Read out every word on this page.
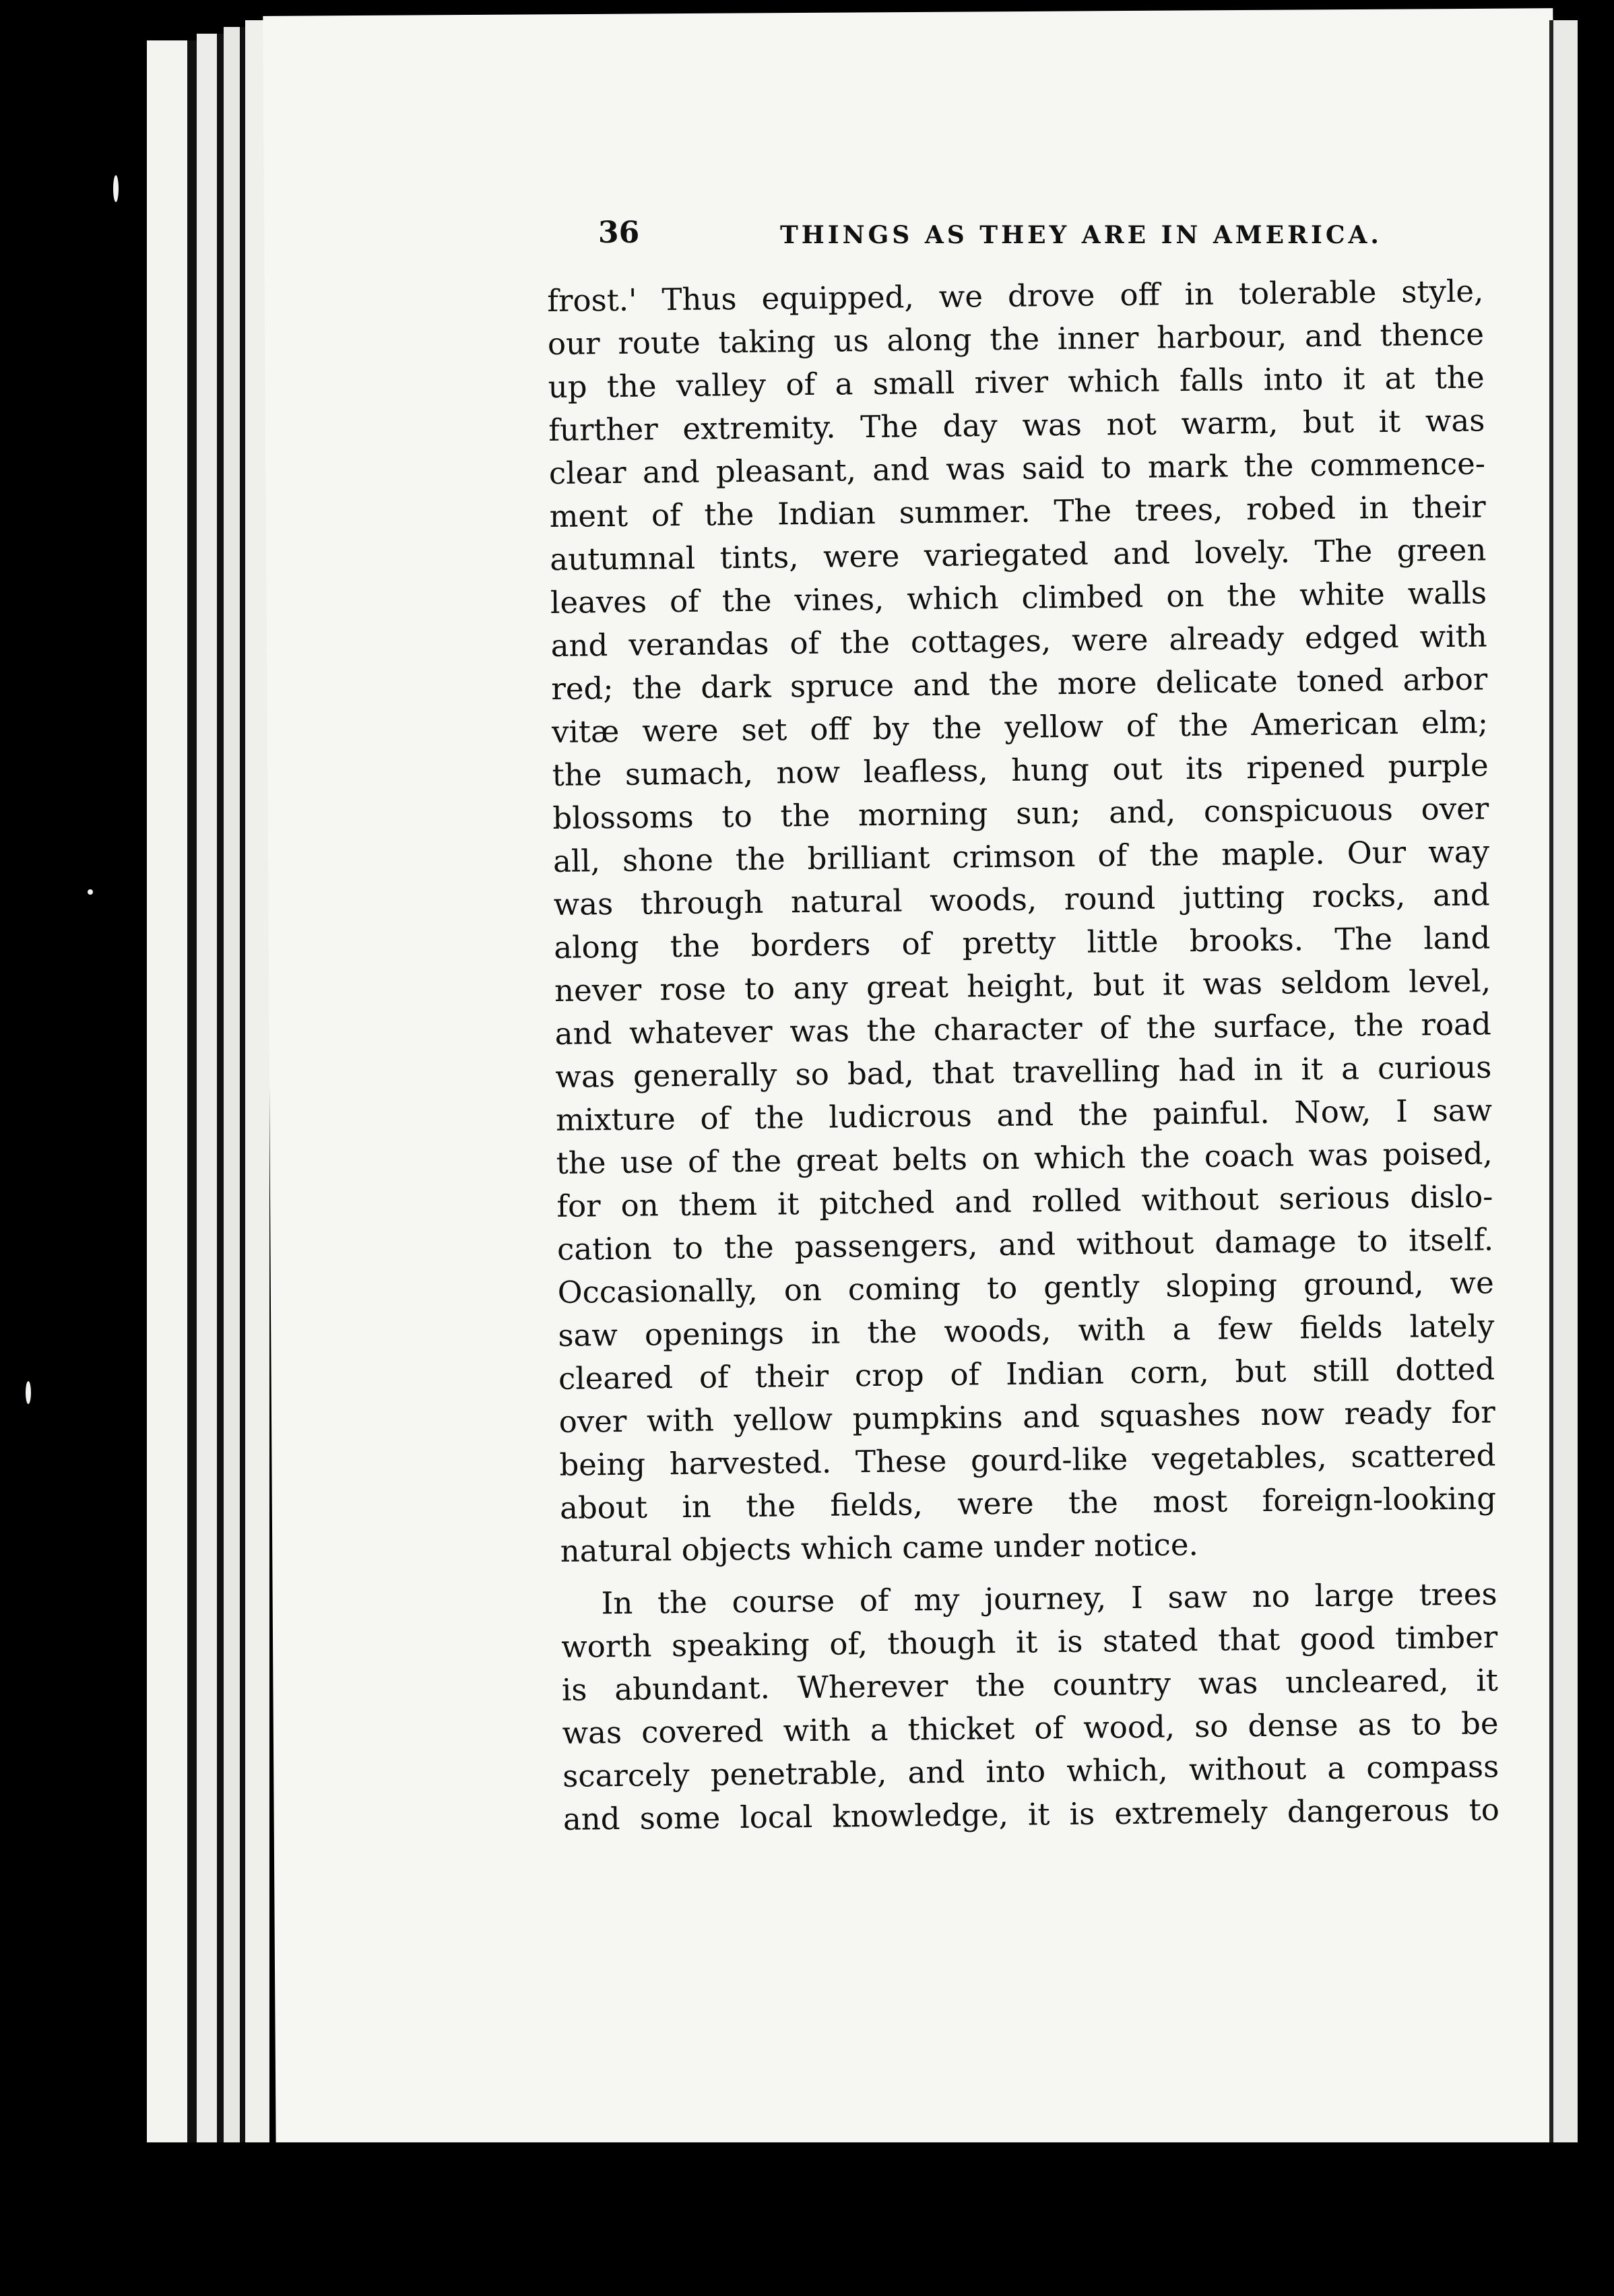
36	THINGS AS THEY ARE IN AMERICA.
frost.' Thus equipped, we drove off in tolerable style,
our route taking us along the inner harbour, and thence
up the valley of a small river which falls into it at the
further extremity. The day was not warm, but it was
clear and pleasant, and was said to mark the commence-
ment of the Indian summer. The trees, robed in their
autumnal tints, were variegated and lovely. The green
leaves of the vines, which climbed on the white walls
and verandas of the cottages, were already edged with
red; the dark spruce and the more delicate toned arbor
vitæ were set off by the yellow of the American elm;
the sumach, now leafless, hung out its ripened purple
blossoms to the morning sun; and, conspicuous over
all, shone the brilliant crimson of the maple. Our way
was through natural woods, round jutting rocks, and
along the borders of pretty little brooks. The land
never rose to any great height, but it was seldom level,
and whatever was the character of the surface, the road
was generally so bad, that travelling had in it a curious
mixture of the ludicrous and the painful. Now, I saw
the use of the great belts on which the coach was poised,
for on them it pitched and rolled without serious dislo-
cation to the passengers, and without damage to itself.
Occasionally, on coming to gently sloping ground, we
saw openings in the woods, with a few fields lately
cleared of their crop of Indian corn, but still dotted
over with yellow pumpkins and squashes now ready for
being harvested. These gourd-like vegetables, scattered
about in the fields, were the most foreign-looking
natural objects which came under notice.
In the course of my journey, I saw no large trees
worth speaking of, though it is stated that good timber
is abundant. Wherever the country was uncleared, it
was covered with a thicket of wood, so dense as to be
scarcely penetrable, and into which, without a compass
and some local knowledge, it is extremely dangerous to
